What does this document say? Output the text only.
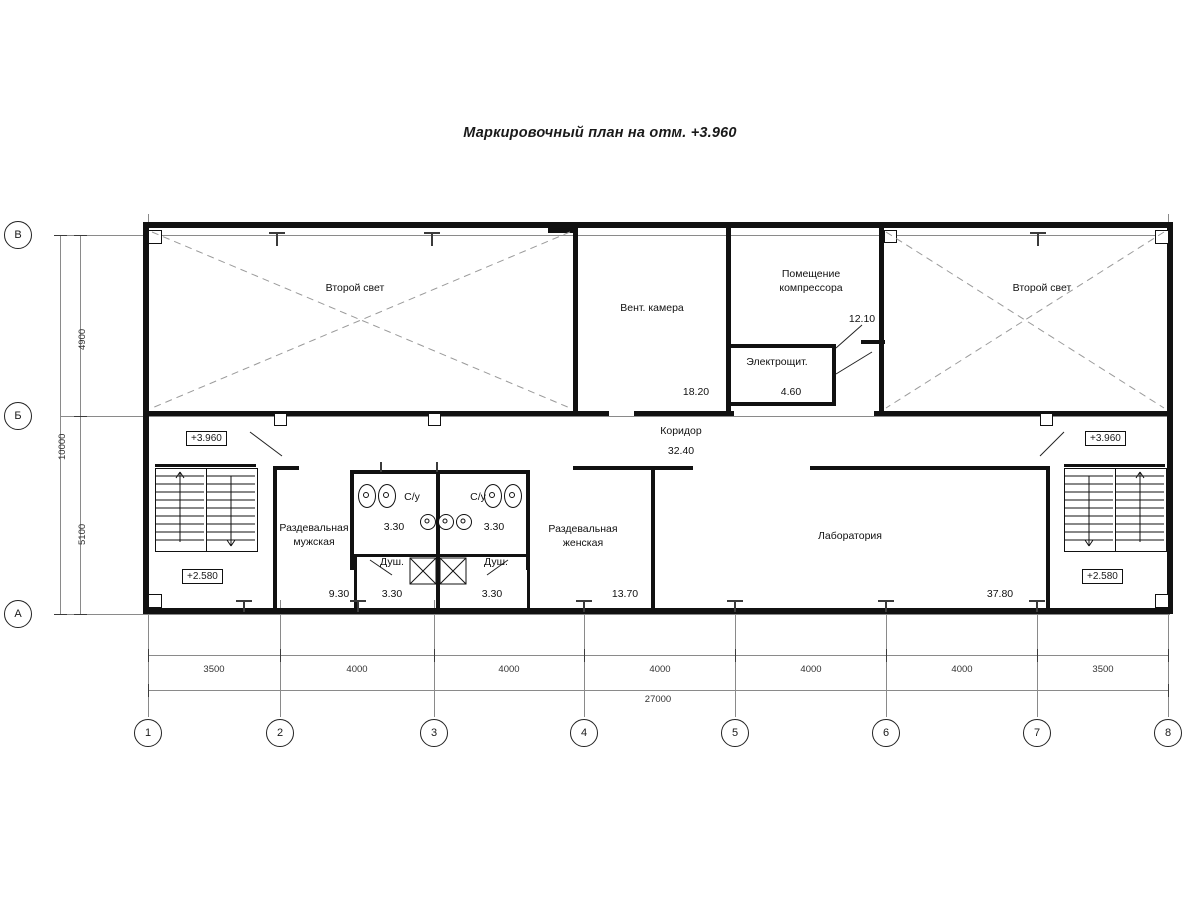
Маркировочный план на отм. +3.960
3500	4000	4000	4000	4000	4000	3500
27000
4900
5100
10000
В
Б
А
1	2	3	4	5	6	7	8
+3.960
+2.580
+3.960
+2.580
Второй свет	Второй свет
Вент. камера
18.20
Помещение
компрессора
12.10
Электрощит.
4.60
Коридор
32.40
Раздевальная
мужская
9.30
Раздевальная
женская
13.70
Лаборатория
37.80
С/у
3.30
С/у
3.30
Душ.
3.30
Душ.
3.30
